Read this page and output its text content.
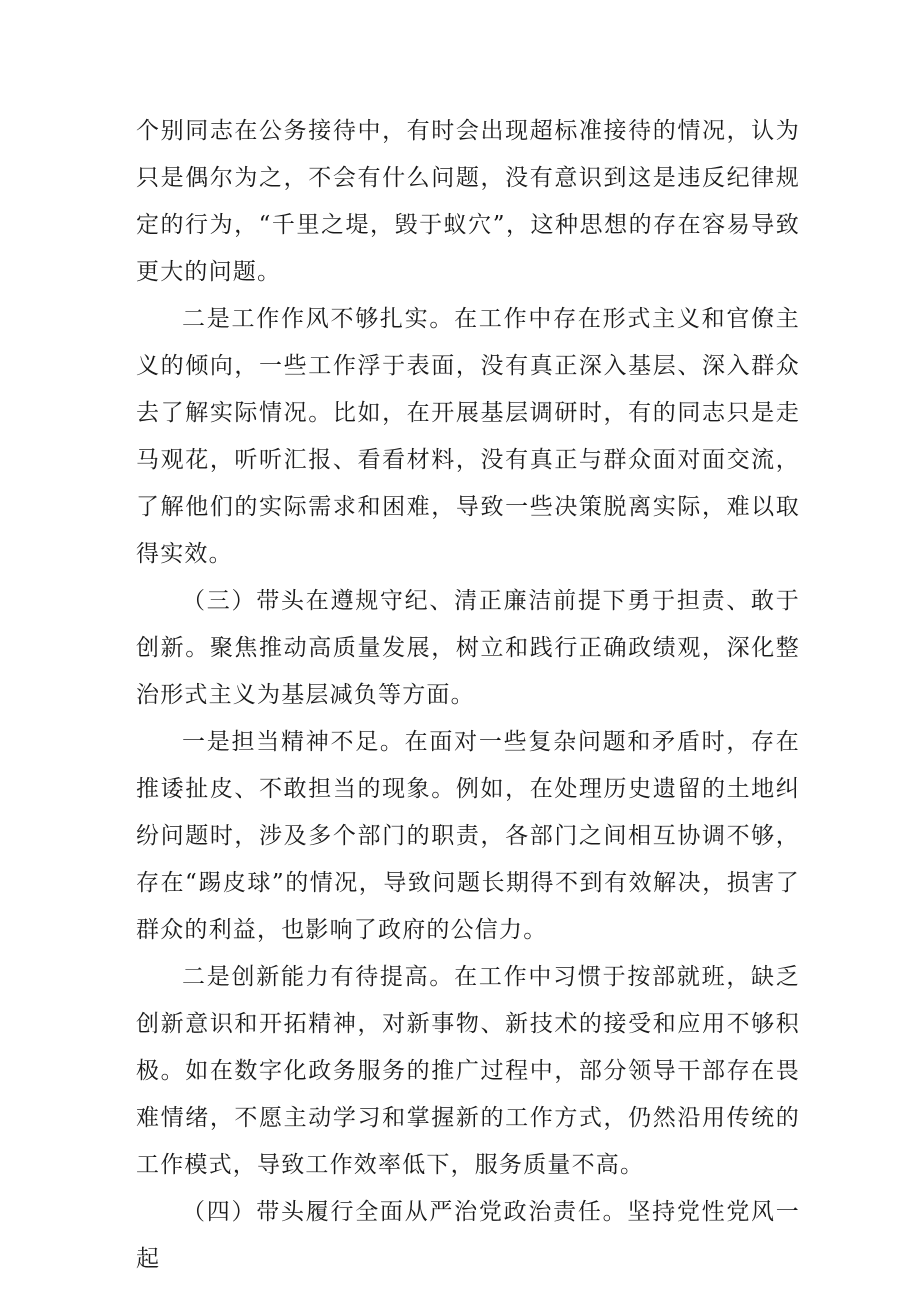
个别同志在公务接待中，有时会出现超标准接待的情况，认为只是偶尔为之，不会有什么问题，没有意识到这是违反纪律规定的行为，“千里之堤，毁于蚁穴”，这种思想的存在容易导致更大的问题。

二是工作作风不够扎实。在工作中存在形式主义和官僚主义的倾向，一些工作浮于表面，没有真正深入基层、深入群众去了解实际情况。比如，在开展基层调研时，有的同志只是走马观花，听听汇报、看看材料，没有真正与群众面对面交流，了解他们的实际需求和困难，导致一些决策脱离实际，难以取得实效。

（三）带头在遵规守纪、清正廉洁前提下勇于担责、敢于创新。聚焦推动高质量发展，树立和践行正确政绩观，深化整治形式主义为基层减负等方面。

一是担当精神不足。在面对一些复杂问题和矛盾时，存在推诿扯皮、不敢担当的现象。例如，在处理历史遗留的土地纠纷问题时，涉及多个部门的职责，各部门之间相互协调不够，存在“踢皮球”的情况，导致问题长期得不到有效解决，损害了群众的利益，也影响了政府的公信力。

二是创新能力有待提高。在工作中习惯于按部就班，缺乏创新意识和开拓精神，对新事物、新技术的接受和应用不够积极。如在数字化政务服务的推广过程中，部分领导干部存在畏难情绪，不愿主动学习和掌握新的工作方式，仍然沿用传统的工作模式，导致工作效率低下，服务质量不高。

（四）带头履行全面从严治党政治责任。坚持党性党风一起
